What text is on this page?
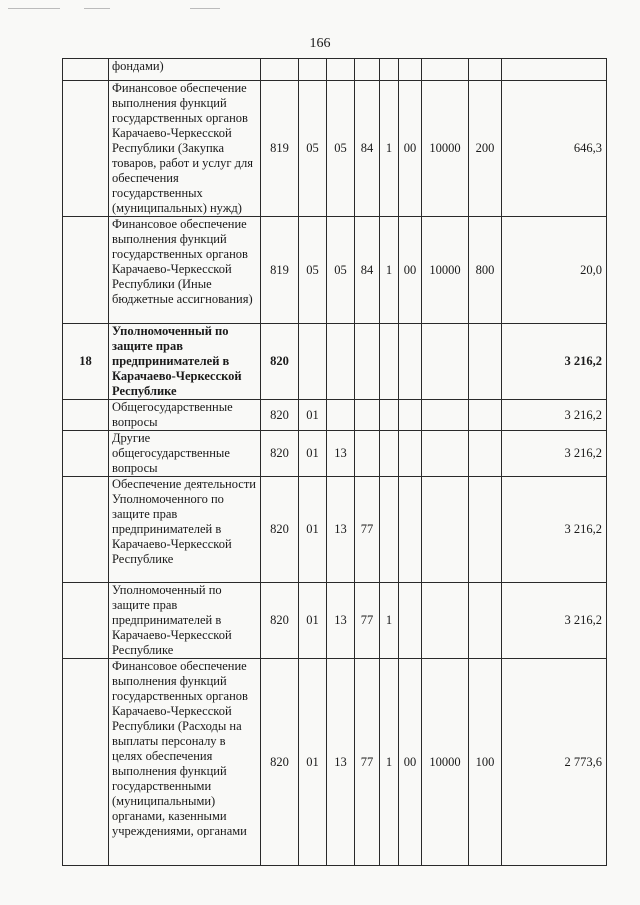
166
	фондами)									
	Финансовое обеспечение выполнения функций государственных органов Карачаево-Черкесской Республики (Закупка товаров, работ и услуг для обеспечения государственных (муниципальных) нужд)	819	05	05	84	1	00	10000	200	646,3
	Финансовое обеспечение выполнения функций государственных органов Карачаево-Черкесской Республики (Иные бюджетные ассигнования)	819	05	05	84	1	00	10000	800	20,0
18	Уполномоченный по защите прав предпринимателей в Карачаево-Черкесской Республике	820								3 216,2
	Общегосударственные вопросы	820	01							3 216,2
	Другие общегосударственные вопросы	820	01	13						3 216,2
	Обеспечение деятельности Уполномоченного по защите прав предпринимателей в Карачаево-Черкесской Республике	820	01	13	77					3 216,2
	Уполномоченный по защите прав предпринимателей в Карачаево-Черкесской Республике	820	01	13	77	1				3 216,2
	Финансовое обеспечение выполнения функций государственных органов Карачаево-Черкесской Республики (Расходы на выплаты персоналу в целях обеспечения выполнения функций государственными (муниципальными) органами, казенными учреждениями, органами	820	01	13	77	1	00	10000	100	2 773,6
